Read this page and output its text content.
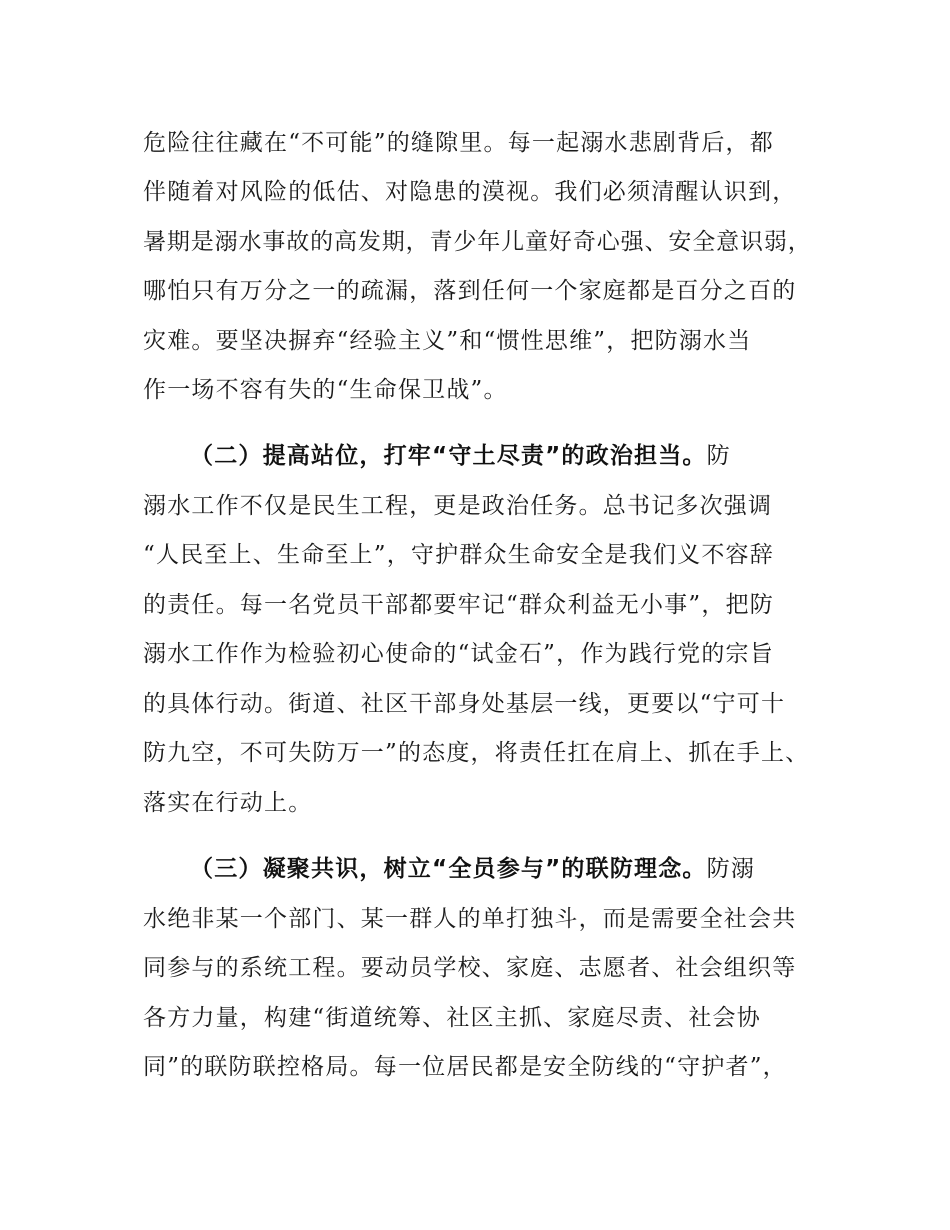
危险往往藏在“不可能”的缝隙里。每一起溺水悲剧背后，都
伴随着对风险的低估、对隐患的漠视。我们必须清醒认识到，
暑期是溺水事故的高发期，青少年儿童好奇心强、安全意识弱，
哪怕只有万分之一的疏漏，落到任何一个家庭都是百分之百的
灾难。要坚决摒弃“经验主义”和“惯性思维”，把防溺水当
作一场不容有失的“生命保卫战”。
（二）提高站位，打牢“守土尽责”的政治担当。防
溺水工作不仅是民生工程，更是政治任务。总书记多次强调
“人民至上、生命至上”，守护群众生命安全是我们义不容辞
的责任。每一名党员干部都要牢记“群众利益无小事”，把防
溺水工作作为检验初心使命的“试金石”，作为践行党的宗旨
的具体行动。街道、社区干部身处基层一线，更要以“宁可十
防九空，不可失防万一”的态度，将责任扛在肩上、抓在手上、
落实在行动上。
（三）凝聚共识，树立“全员参与”的联防理念。防溺
水绝非某一个部门、某一群人的单打独斗，而是需要全社会共
同参与的系统工程。要动员学校、家庭、志愿者、社会组织等
各方力量，构建“街道统筹、社区主抓、家庭尽责、社会协
同”的联防联控格局。每一位居民都是安全防线的“守护者”，
